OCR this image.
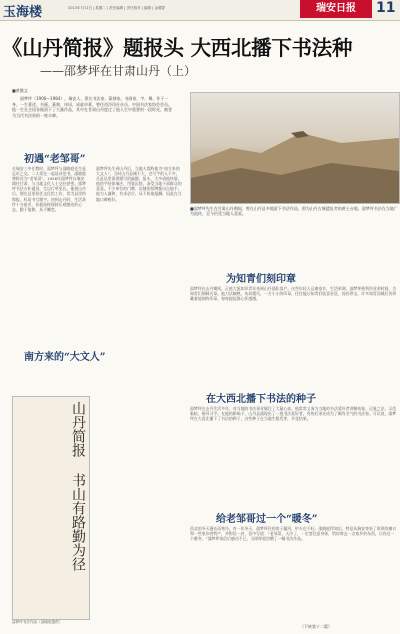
玉海楼	2013年7月1日 | 星期二 | 责任编辑 | 责任校对 | 编辑 | 金增婴	瑞安日报	11
《山丹简报》题报头 大西北播下书法种
——邵梦坪在甘肃山丹（上）
■黄微文
邵梦坪（1906—1984），瑞安人，著名书法家、篆刻家。书画家，字、舞、作于一身，一生著述，书画、篆刻，诗词，成就卓著，曾任西泠印社社员，中国书法家协会会员。他一生在全国各地留下了大量作品，其中在甘肃山丹度过了他人生中重要的一段时光，被誉为当代书法界的一座丰碑。
■邵梦坪先生在甘肃山丹期间，曾在山丹县多地留下书法作品，图为山丹古城遗址旁的黄土台地。邵梦坪书法在当地广为流传，至今仍受当地人喜爱。
初遇“老邹哥”
在瑞安三中任教时，邵梦坪与邵晓庭先生是忘年之交。二人常在一起谈诗论书，邵晓庭尊称其为“老邹哥”。1956年邵梦坪自瑞安调往甘肃，与当地文化人士交往甚密。邵梦坪书法古朴遒劲，尤以行草见长。他到山丹后，便在县里担任文化馆工作，常为县里的简报、标语书写题字。初到山丹时，生活条件十分艰苦，但他始终保持乐观豁达的心态，勤于笔耕，从不懈怠。
南方来的“大文人”
邵梦坪先生到山丹后，当地人都称他为“南方来的大文人”。当时山丹县城不大，会写字的人不多，凡是县里需要题写的匾额、报头，大多请他执笔。他的字结体端庄，用笔沉稳，深受当地干部群众的喜爱。不少单位的门牌、店铺的招牌都出自他手。他为人谦和，有求必应，从不收取报酬，因此在当地口碑极好。
山丹简报 书山有路勤为径
邵梦坪书法作品（邵晓庭提供）
为知青们刻印章
邵梦坪在山丹期间，正值大批知识青年来到山丹插队落户。这些年轻人远离家乡，生活单调。邵梦坪便利用业余时间，为知青们刻制名章。他刀法娴熟，布局精巧，一方小小的印章，往往能让知青们欣喜若狂，视若珍宝。许多知青回城后仍珍藏着他刻的印章，每每提起都心怀感激。
在大西北播下书法的种子
邵梦坪在山丹生活多年，对当地的书法事业倾注了大量心血。他常常义务为当地的书法爱好者讲解执笔、运笔之法，示范临帖，指导习字。在他的影响下，山丹县涌现出了一批书法爱好者，有的后来还成为了颇有名气的书法家。可以说，邵梦坪在大西北播下了书法的种子，这些种子在当地生根发芽，开花结果。
给老邹哥过一个“暖冬”
西北的冬天漫长而寒冷。有一年冬天，邵梦坪住的房子漏风，炉火也不旺。邵晓庭得知后，特意从瑞安寄来了厚厚的棉衣和一些家乡的特产，并附信一封，信中写道：“老邹哥，天冷了，一定要注意身体，给你寄去一点家乡的东西，让你过一个暖冬。”邵梦坪读信后感动不已，当即挥毫回赠了一幅书法作品。
（下转第十二版）
